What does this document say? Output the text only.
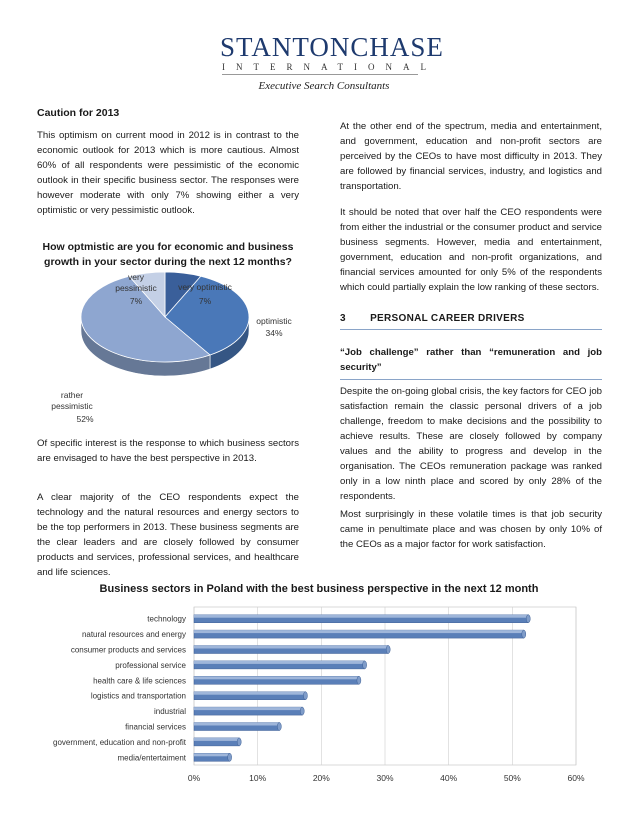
STANTONCHASE
INTERNATIONAL
Executive Search Consultants
Caution for 2013
This optimism on current mood in 2012 is in contrast to the economic outlook for 2013 which is more cautious. Almost 60% of all respondents were pessimistic of the economic outlook in their specific business sector. The responses were however moderate with only 7% showing either a very optimistic or very pessimistic outlook.
How optmistic are you for economic and business growth in your sector during the next 12 months?
very optimistic
7%
optimistic
34%
rather pessimistic
52%
very pessimistic
7%
Of specific interest is the response to which business sectors are envisaged to have the best perspective in 2013.
A clear majority of the CEO respondents expect the technology and the natural resources and energy sectors to be the top performers in 2013. These business segments are the clear leaders and are closely followed by consumer products and services, professional services, and healthcare and life sciences.
At the other end of the spectrum, media and entertainment, and government, education and non-profit sectors are perceived by the CEOs to have most difficulty in 2013. They are followed by financial services, industry, and logistics and transportation.
It should be noted that over half the CEO respondents were from either the industrial or the consumer product and service business segments. However, media and entertainment, government, education and non-profit organizations, and financial services amounted for only 5% of the respondents which could partially explain the low ranking of these sectors.
3 PERSONAL CAREER DRIVERS
“Job challenge” rather than “remuneration and job security”
Despite the on-going global crisis, the key factors for CEO job satisfaction remain the classic personal drivers of a job challenge, freedom to make decisions and the possibility to achieve results. These are closely followed by company values and the ability to progress and develop in the organisation. The CEOs remuneration package was ranked only in a low ninth place and scored by only 28% of the respondents.
Most surprisingly in these volatile times is that job security came in penultimate place and was chosen by only 10% of the CEOs as a major factor for work satisfaction.
Business sectors in Poland with the best business perspective in the next 12 month
technology
natural resources and energy
consumer products and services
professional service
health care & life sciences
logistics and transportation
industrial
financial services
government, education and non-profit
media/entertaiment
0%	10%	20%	30%	40%	50%	60%
